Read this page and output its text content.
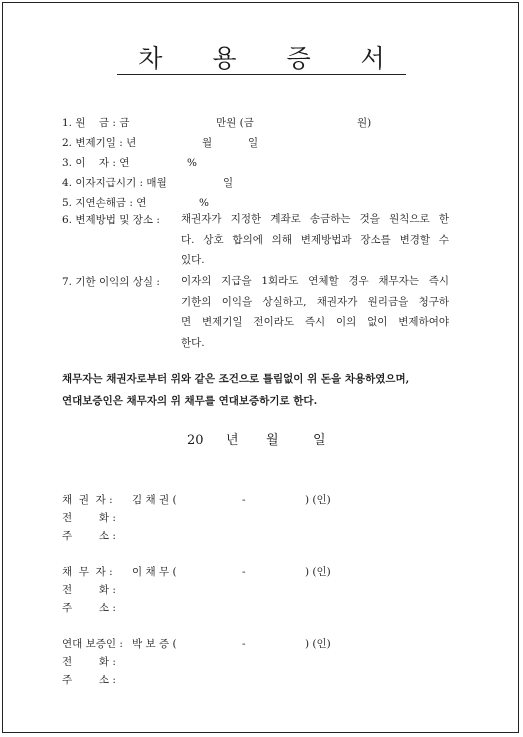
차 용 증 서
1. 원    금 : 금	만원 (금	원)
2. 변제기일 : 년	월	일
3. 이    자 : 연	%
4. 이자지급시기 : 매월	일
5. 지연손해금 : 연	%
6. 변제방법 및 장소 : 채권자가 지정한 계좌로 송금하는 것을 원칙으로 한
다. 상호 합의에 의해 변제방법과 장소를 변경할 수
있다.
7. 기한 이익의 상실 : 이자의 지급을 1회라도 연체할 경우 채무자는 즉시
기한의 이익을 상실하고, 채권자가 원리금을 청구하
면 변제기일 전이라도 즉시 이의 없이 변제하여야
한다.
채무자는 채권자로부터 위와 같은 조건으로 틀림없이 위 돈을 차용하였으며,
연대보증인은 채무자의 위 채무를 연대보증하기로 한다.
20 년 월	일
채  권  자 : 김 채 권 (	-	) (인)
전        화 :
주        소 :
채  무  자 : 이 채 무 (	-	) (인)
전        화 :
주        소 :
연대 보증인 : 박 보 증 (	-	) (인)
전        화 :
주        소 :
